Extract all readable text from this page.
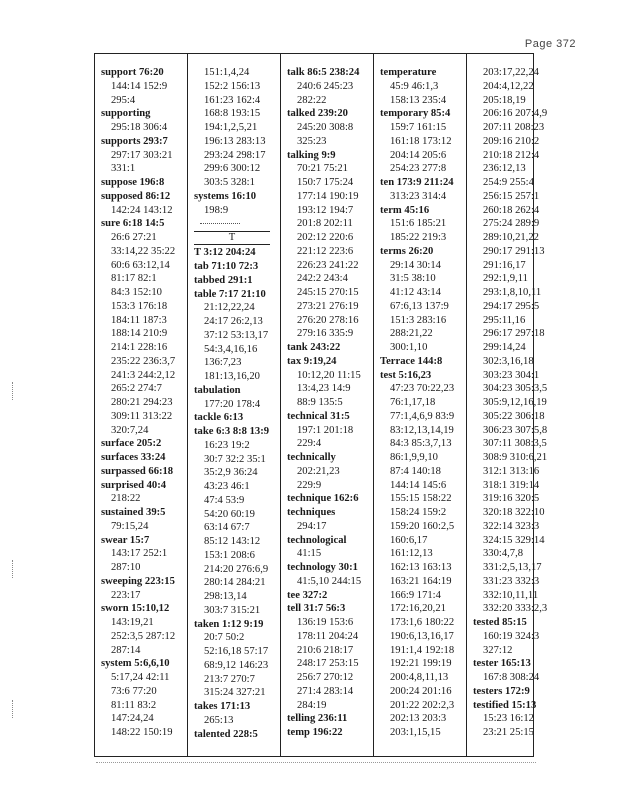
Page 372
support 76:20
144:14 152:9
295:4
supporting
295:18 306:4
supports 293:7
297:17 303:21
331:1
suppose 196:8
supposed 86:12
142:24 143:12
sure 6:18 14:5
26:6 27:21
33:14,22 35:22
60:6 63:12,14
81:17 82:1
84:3 152:10
153:3 176:18
184:11 187:3
188:14 210:9
214:1 228:16
235:22 236:3,7
241:3 244:2,12
265:2 274:7
280:21 294:23
309:11 313:22
320:7,24
surface 205:2
surfaces 33:24
surpassed 66:18
surprised 40:4
218:22
sustained 39:5
79:15,24
swear 15:7
143:17 252:1
287:10
sweeping 223:15
223:17
sworn 15:10,12
143:19,21
252:3,5 287:12
287:14
system 5:6,6,10
5:17,24 42:11
73:6 77:20
81:11 83:2
147:24,24
148:22 150:19
151:1,4,24
152:2 156:13
161:23 162:4
168:8 193:15
194:1,2,5,21
196:13 283:13
293:24 298:17
299:6 300:12
303:5 328:1
systems 16:10
198:9
T
T 3:12 204:24
tab 71:10 72:3
tabbed 291:1
table 7:17 21:10
21:12,22,24
24:17 26:2,13
37:12 53:13,17
54:3,4,16,16
136:7,23
181:13,16,20
tabulation
177:20 178:4
tackle 6:13
take 6:3 8:8 13:9
16:23 19:2
30:7 32:2 35:1
35:2,9 36:24
43:23 46:1
47:4 53:9
54:20 60:19
63:14 67:7
85:12 143:12
153:1 208:6
214:20 276:6,9
280:14 284:21
298:13,14
303:7 315:21
taken 1:12 9:19
20:7 50:2
52:16,18 57:17
68:9,12 146:23
213:7 270:7
315:24 327:21
takes 171:13
265:13
talented 228:5
talk 86:5 238:24
240:6 245:23
282:22
talked 239:20
245:20 308:8
325:23
talking 9:9
70:21 75:21
150:7 175:24
177:14 190:19
193:12 194:7
201:8 202:11
202:12 220:6
221:12 223:6
226:23 241:22
242:2 243:4
245:15 270:15
273:21 276:19
276:20 278:16
279:16 335:9
tank 243:22
tax 9:19,24
10:12,20 11:15
13:4,23 14:9
88:9 135:5
technical 31:5
197:1 201:18
229:4
technically
202:21,23
229:9
technique 162:6
techniques
294:17
technological
41:15
technology 30:1
41:5,10 244:15
tee 327:2
tell 31:7 56:3
136:19 153:6
178:11 204:24
210:6 218:17
248:17 253:15
256:7 270:12
271:4 283:14
284:19
telling 236:11
temp 196:22
temperature
45:9 46:1,3
158:13 235:4
temporary 85:4
159:7 161:15
161:18 173:12
204:14 205:6
254:23 277:8
ten 173:9 211:24
313:23 314:4
term 45:16
151:6 185:21
185:22 219:3
terms 26:20
29:14 30:14
31:5 38:10
41:12 43:14
67:6,13 137:9
151:3 283:16
288:21,22
300:1,10
Terrace 144:8
test 5:16,23
47:23 70:22,23
76:1,17,18
77:1,4,6,9 83:9
83:12,13,14,19
84:3 85:3,7,13
86:1,9,9,10
87:4 140:18
144:14 145:6
155:15 158:22
158:24 159:2
159:20 160:2,5
160:6,17
161:12,13
162:13 163:13
163:21 164:19
166:9 171:4
172:16,20,21
173:1,6 180:22
190:6,13,16,17
191:1,4 192:18
192:21 199:19
200:4,8,11,13
200:24 201:16
201:22 202:2,3
202:13 203:3
203:1,15,15
203:17,22,24
204:4,12,22
205:18,19
206:16 207:4,9
207:11 208:23
209:16 210:2
210:18 212:4
236:12,13
254:9 255:4
256:15 257:1
260:18 262:4
275:24 289:9
289:10,21,22
290:17 291:13
291:16,17
292:1,9,11
293:1,8,10,11
294:17 295:5
295:11,16
296:17 297:18
299:14,24
302:3,16,18
303:23 304:1
304:23 305:3,5
305:9,12,16,19
305:22 306:18
306:23 307:5,8
307:11 308:3,5
308:9 310:6,21
312:1 313:16
318:1 319:14
319:16 320:5
320:18 322:10
322:14 323:3
324:15 329:14
330:4,7,8
331:2,5,13,17
331:23 332:3
332:10,11,11
332:20 333:2,3
tested 85:15
160:19 324:3
327:12
tester 165:13
167:8 308:24
testers 172:9
testified 15:13
15:23 16:12
23:21 25:15
